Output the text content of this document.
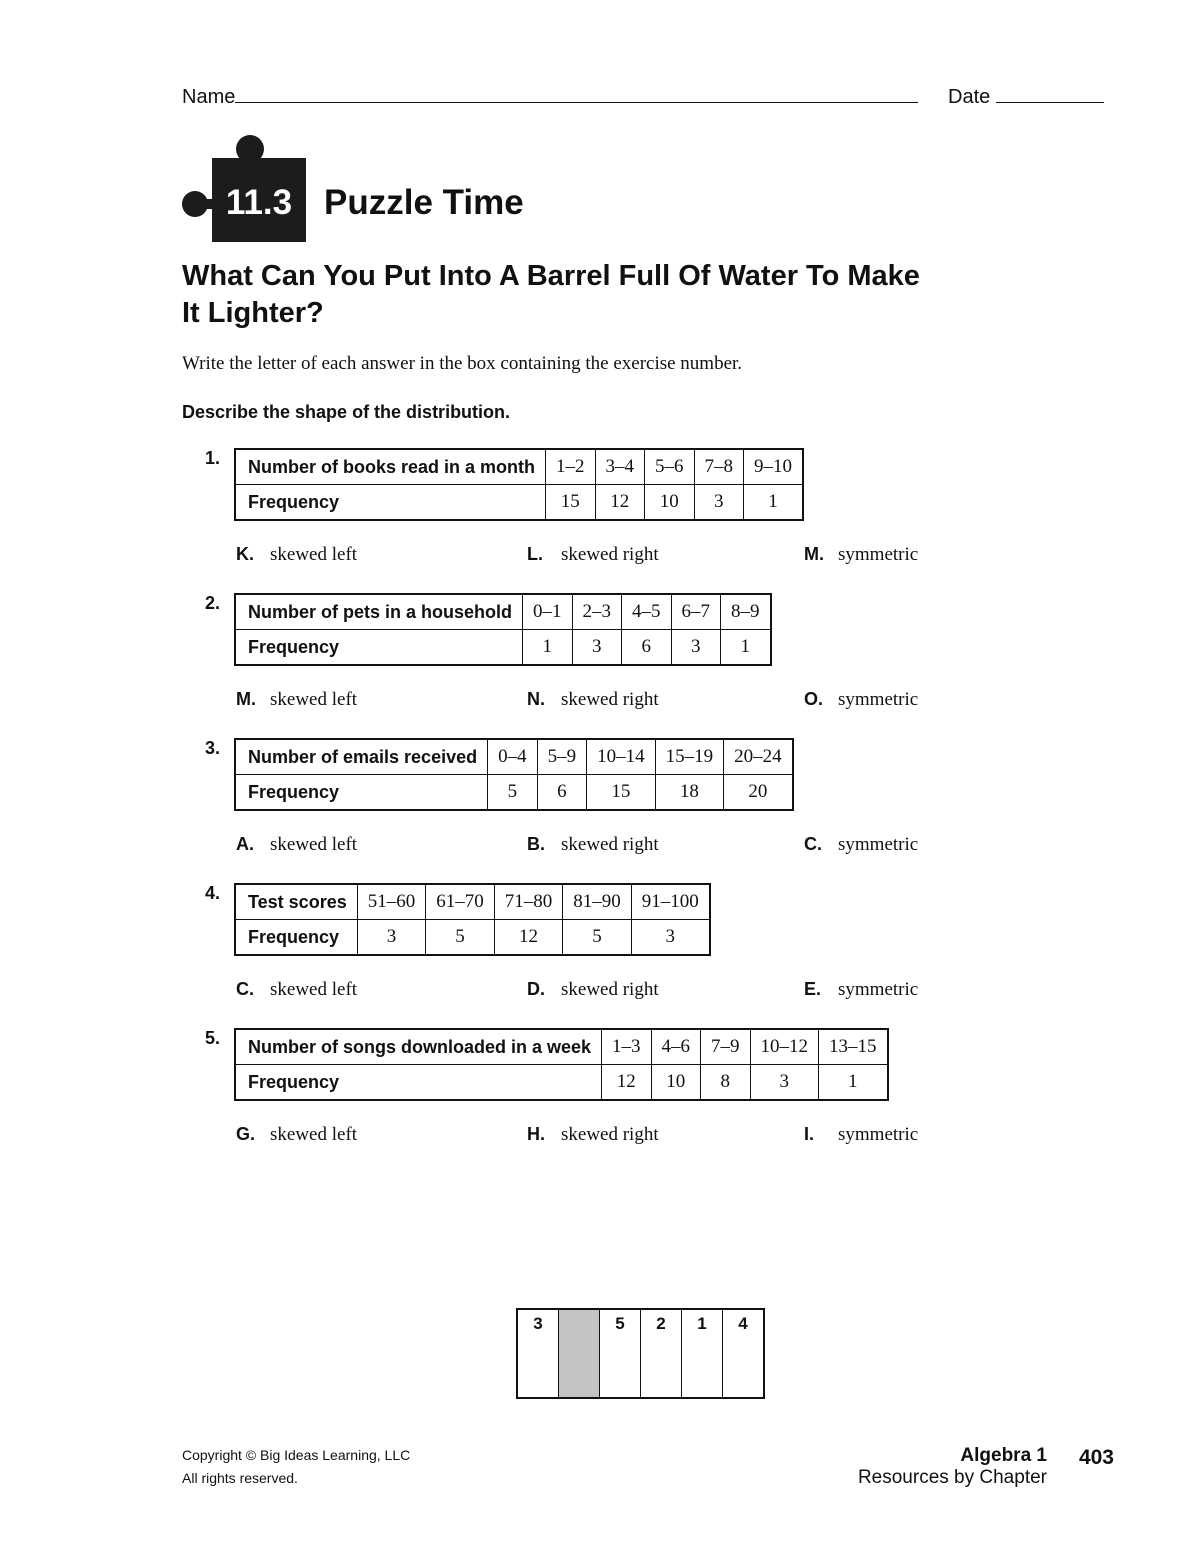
Name	Date
11.3 Puzzle Time
What Can You Put Into A Barrel Full Of Water To Make It Lighter?
Write the letter of each answer in the box containing the exercise number.
Describe the shape of the distribution.
1. Number of books read in a month	1–2	3–4	5–6	7–8	9–10
Frequency	15	12	10	3	1
K. skewed left	L. skewed right	M. symmetric
2. Number of pets in a household	0–1	2–3	4–5	6–7	8–9
Frequency	1	3	6	3	1
M. skewed left	N. skewed right	O. symmetric
3. Number of emails received	0–4	5–9	10–14	15–19	20–24
Frequency	5	6	15	18	20
A. skewed left	B. skewed right	C. symmetric
4. Test scores	51–60	61–70	71–80	81–90	91–100
Frequency	3	5	12	5	3
C. skewed left	D. skewed right	E. symmetric
5. Number of songs downloaded in a week	1–3	4–6	7–9	10–12	13–15
Frequency	12	10	8	3	1
G. skewed left	H. skewed right	I. symmetric
3		5	2	1	4
Copyright © Big Ideas Learning, LLC
All rights reserved.
Algebra 1
Resources by Chapter
403
